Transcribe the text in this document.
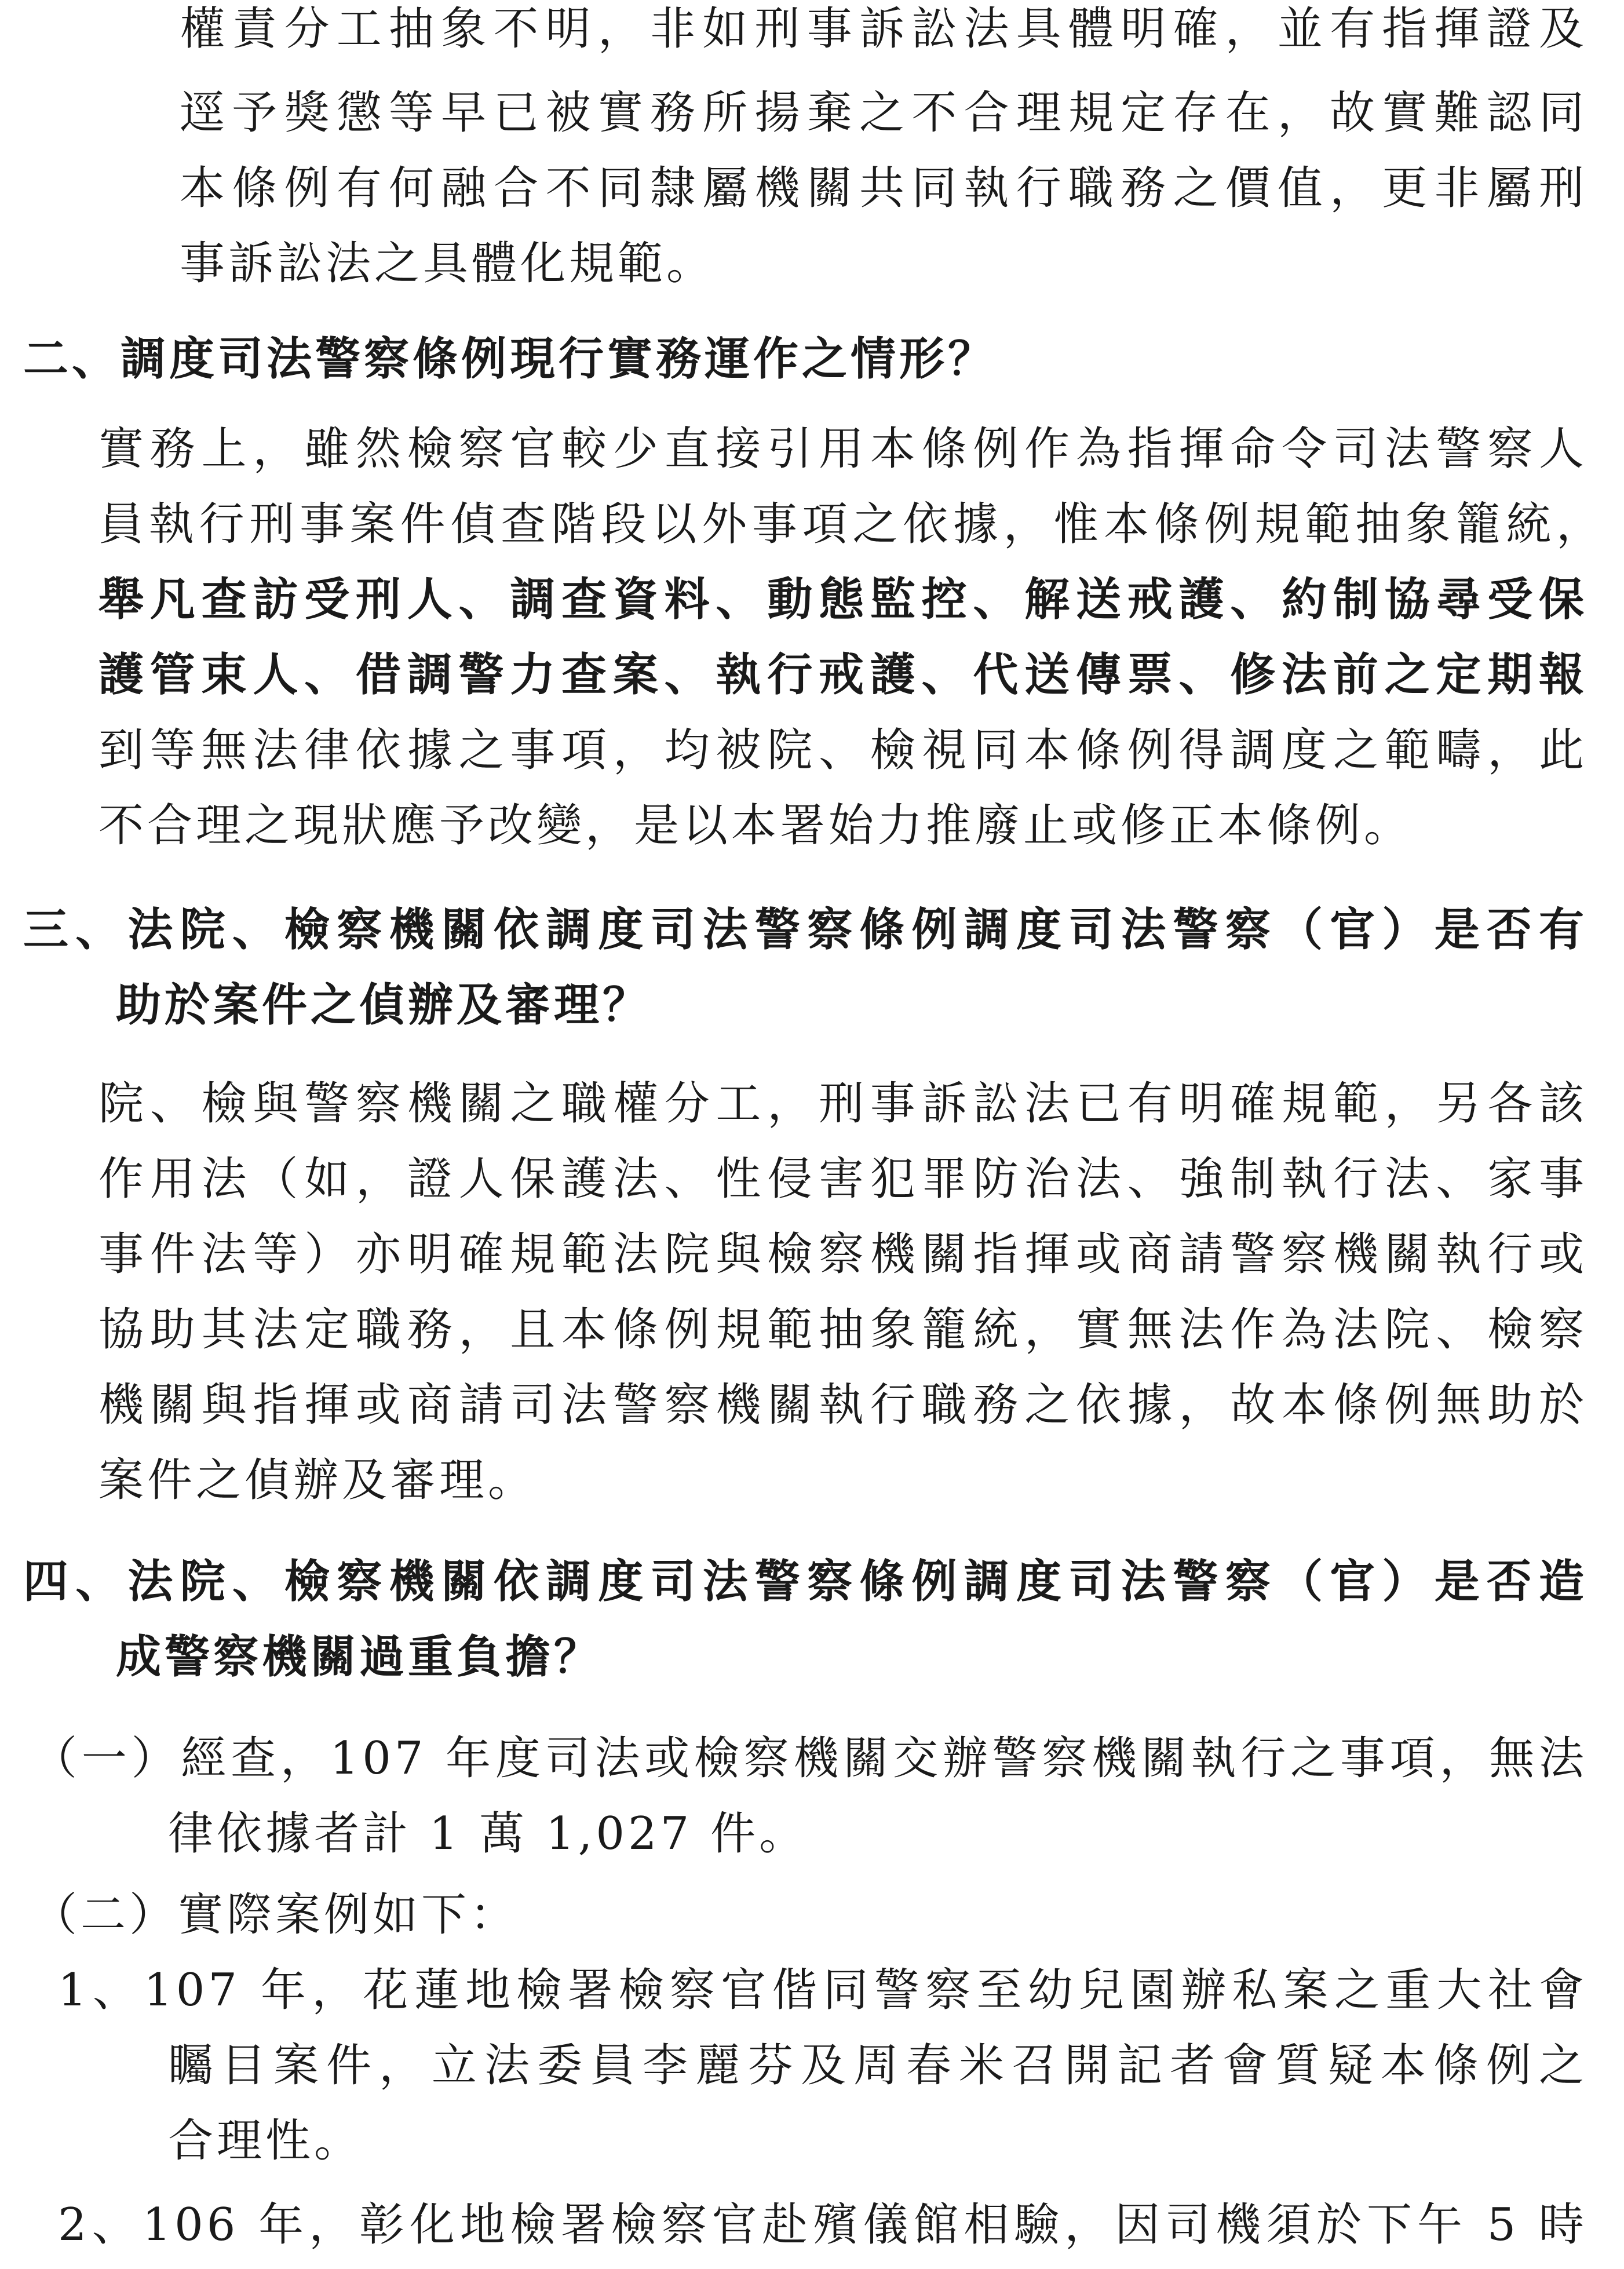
權責分工抽象不明，非如刑事訴訟法具體明確，並有指揮證及
逕予獎懲等早已被實務所揚棄之不合理規定存在，故實難認同
本條例有何融合不同隸屬機關共同執行職務之價值，更非屬刑
事訴訟法之具體化規範。
二、調度司法警察條例現行實務運作之情形？
實務上，雖然檢察官較少直接引用本條例作為指揮命令司法警察人
員執行刑事案件偵查階段以外事項之依據，惟本條例規範抽象籠統，
舉凡查訪受刑人、調查資料、動態監控、解送戒護、約制協尋受保
護管束人、借調警力查案、執行戒護、代送傳票、修法前之定期報
到等無法律依據之事項，均被院、檢視同本條例得調度之範疇，此
不合理之現狀應予改變，是以本署始力推廢止或修正本條例。
三、法院、檢察機關依調度司法警察條例調度司法警察（官）是否有
助於案件之偵辦及審理？
院、檢與警察機關之職權分工，刑事訴訟法已有明確規範，另各該
作用法（如，證人保護法、性侵害犯罪防治法、強制執行法、家事
事件法等）亦明確規範法院與檢察機關指揮或商請警察機關執行或
協助其法定職務，且本條例規範抽象籠統，實無法作為法院、檢察
機關與指揮或商請司法警察機關執行職務之依據，故本條例無助於
案件之偵辦及審理。
四、法院、檢察機關依調度司法警察條例調度司法警察（官）是否造
成警察機關過重負擔？
（一）經查，107 年度司法或檢察機關交辦警察機關執行之事項，無法
律依據者計 1 萬 1,027 件。
（二）實際案例如下：
1、107 年，花蓮地檢署檢察官偕同警察至幼兒園辦私案之重大社會
矚目案件，立法委員李麗芬及周春米召開記者會質疑本條例之
合理性。
2、106 年，彰化地檢署檢察官赴殯儀館相驗，因司機須於下午 5 時
